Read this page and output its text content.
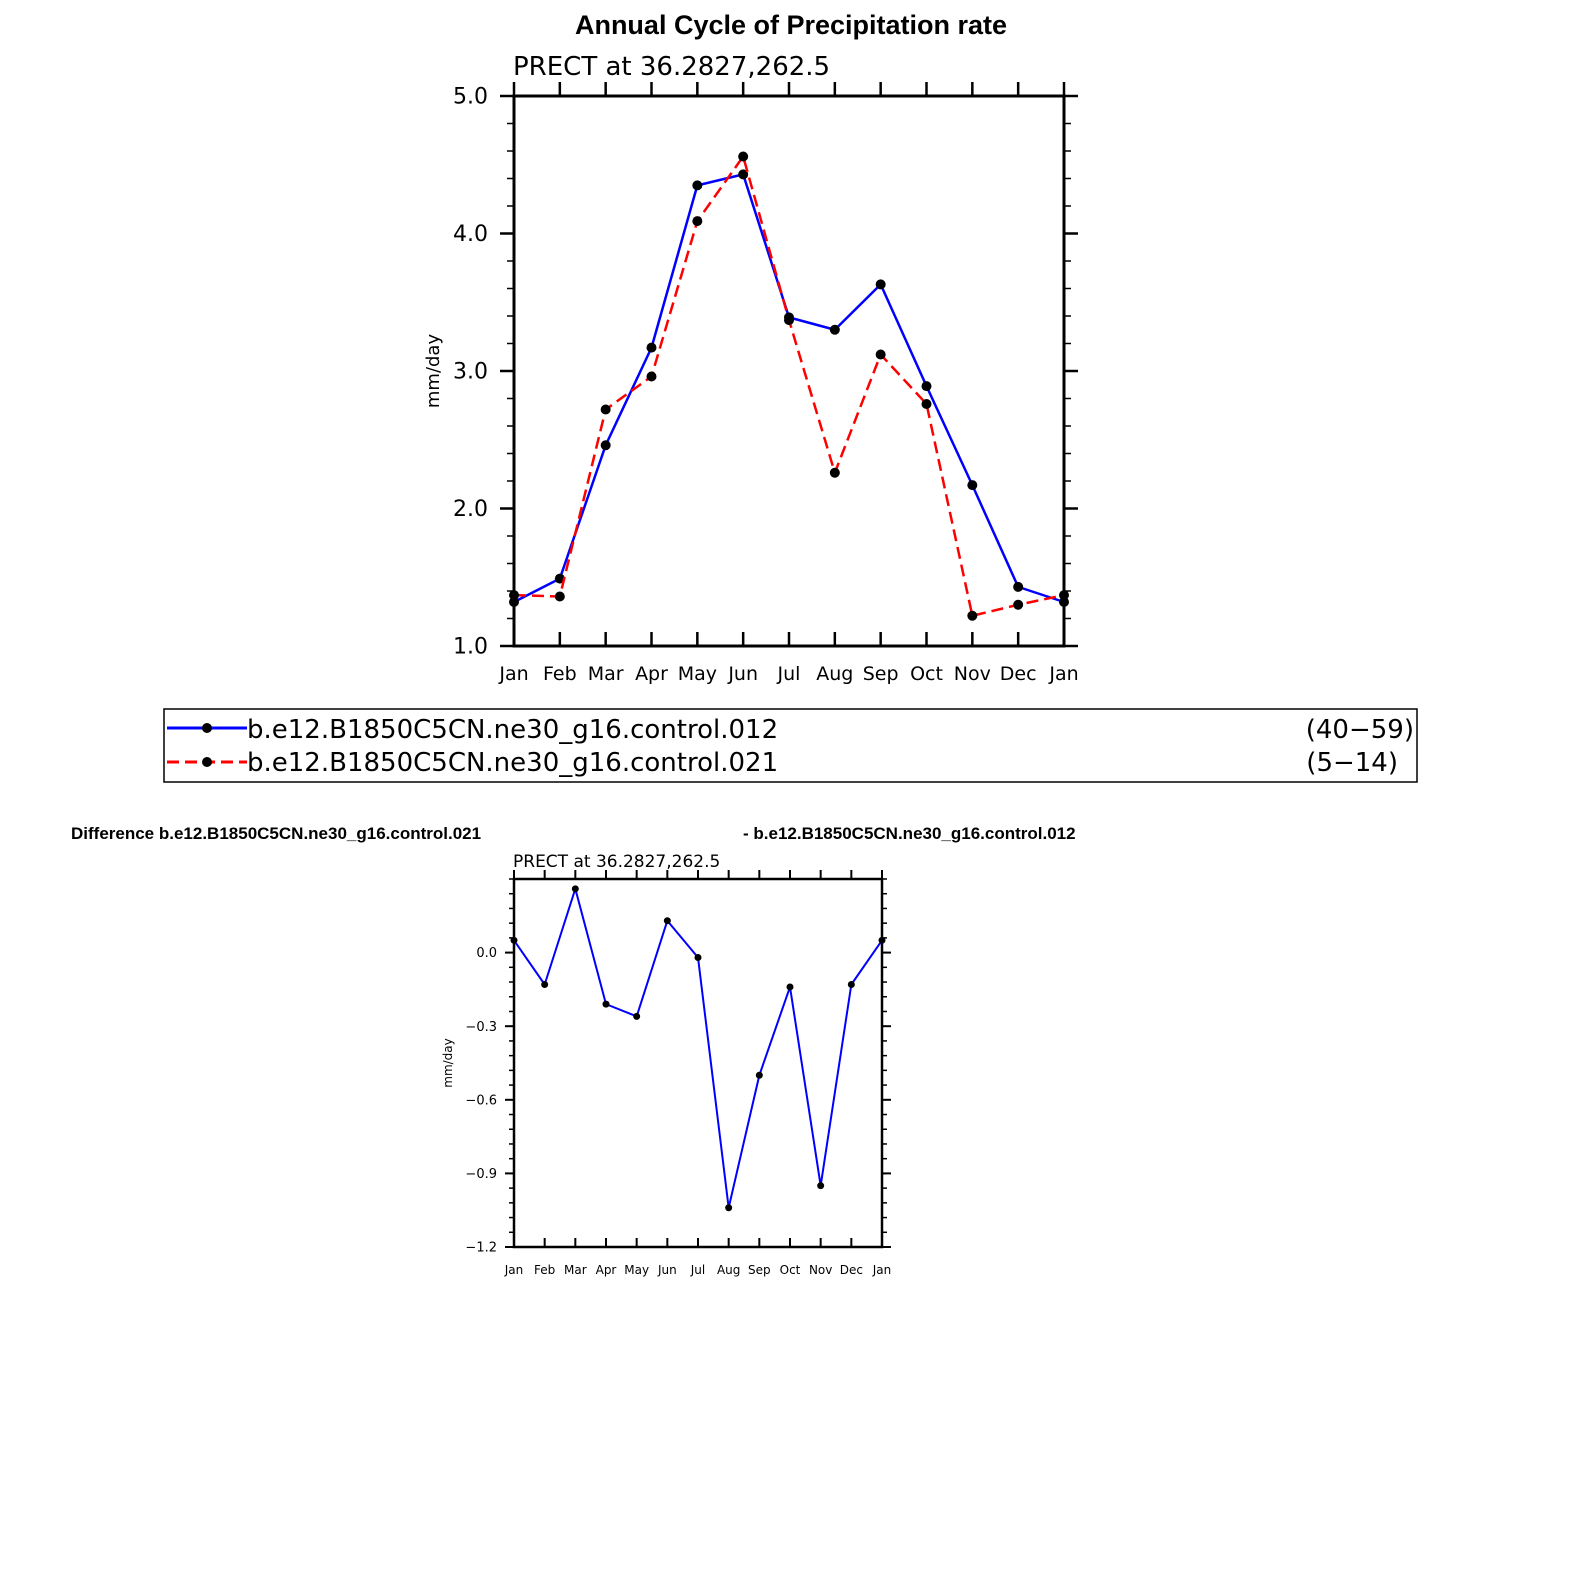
Annual Cycle of Precipitation rate
PRECT at 36.2827,262.5
mm/day
Jan Feb Mar Apr May Jun Jul Aug Sep Oct Nov Dec Jan
1.0
2.0
3.0
4.0
5.0
b.e12.B1850C5CN.ne30_g16.control.012	(40−59)
b.e12.B1850C5CN.ne30_g16.control.021	(5−14)
Difference b.e12.B1850C5CN.ne30_g16.control.021	- b.e12.B1850C5CN.ne30_g16.control.012
PRECT at 36.2827,262.5
mm/day
Jan Feb Mar Apr May Jun Jul Aug Sep Oct Nov Dec Jan
0.0
−0.3
−0.6
−0.9
−1.2
